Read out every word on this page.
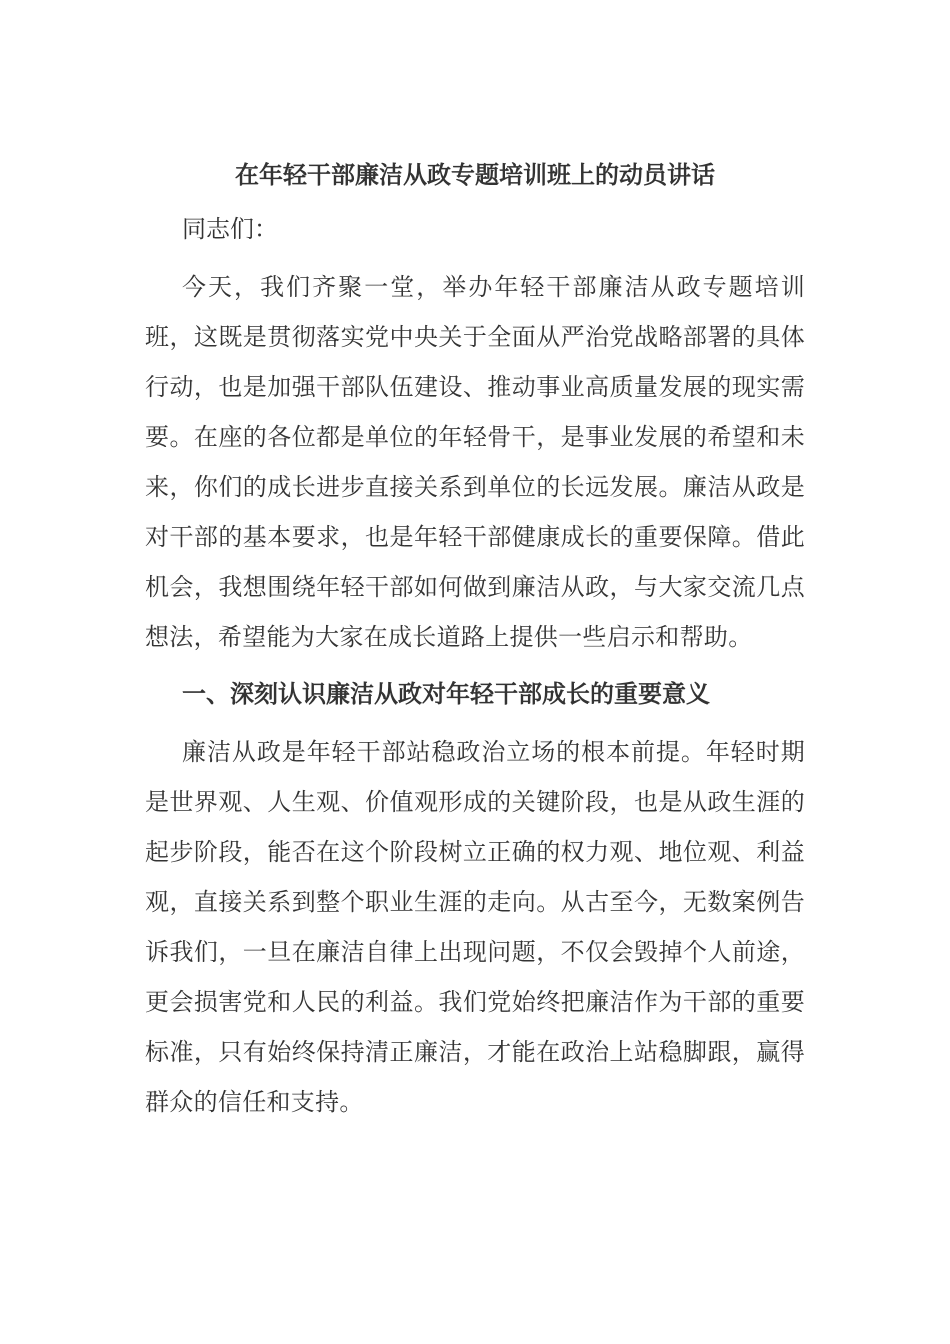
在年轻干部廉洁从政专题培训班上的动员讲话

同志们：

今天，我们齐聚一堂，举办年轻干部廉洁从政专题培训班，这既是贯彻落实党中央关于全面从严治党战略部署的具体行动，也是加强干部队伍建设、推动事业高质量发展的现实需要。在座的各位都是单位的年轻骨干，是事业发展的希望和未来，你们的成长进步直接关系到单位的长远发展。廉洁从政是对干部的基本要求，也是年轻干部健康成长的重要保障。借此机会，我想围绕年轻干部如何做到廉洁从政，与大家交流几点想法，希望能为大家在成长道路上提供一些启示和帮助。

一、深刻认识廉洁从政对年轻干部成长的重要意义

廉洁从政是年轻干部站稳政治立场的根本前提。年轻时期是世界观、人生观、价值观形成的关键阶段，也是从政生涯的起步阶段，能否在这个阶段树立正确的权力观、地位观、利益观，直接关系到整个职业生涯的走向。从古至今，无数案例告诉我们，一旦在廉洁自律上出现问题，不仅会毁掉个人前途，更会损害党和人民的利益。我们党始终把廉洁作为干部的重要标准，只有始终保持清正廉洁，才能在政治上站稳脚跟，赢得群众的信任和支持。
